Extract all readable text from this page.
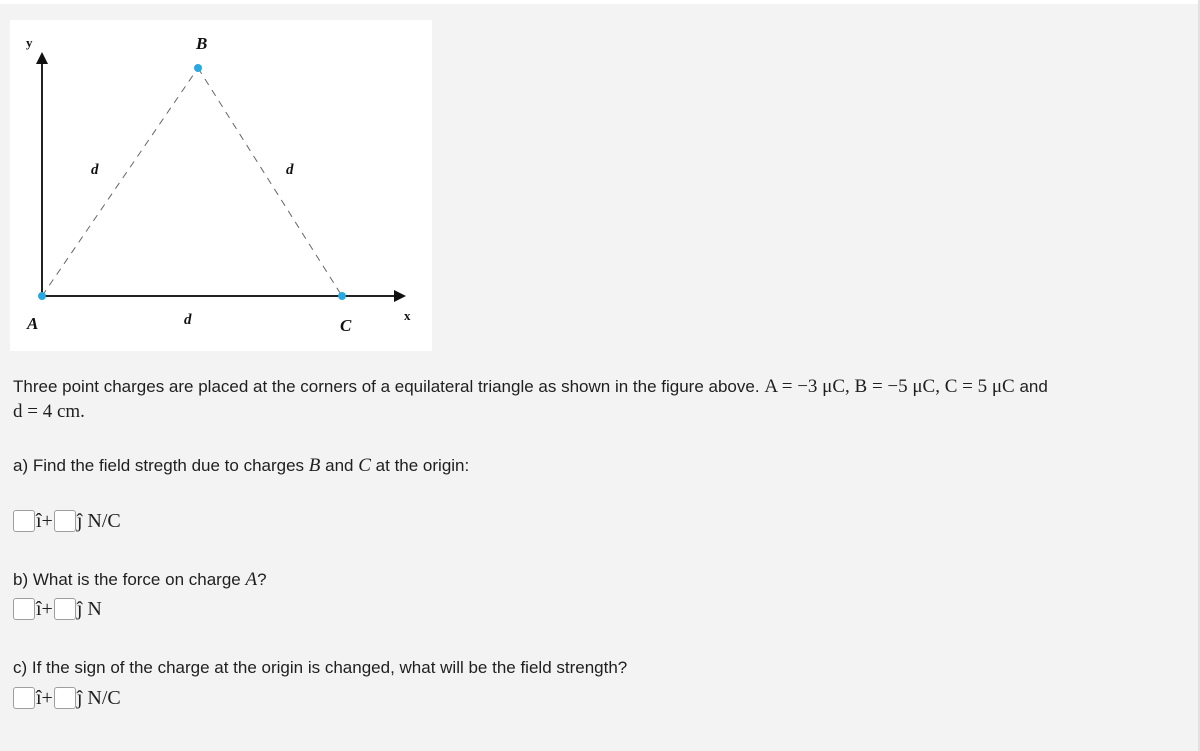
y
x
B
A	C
d	d
d
Three point charges are placed at the corners of a equilateral triangle as shown in the figure above. A = −3 μC, B = −5 μC, C = 5 μC and
d = 4 cm.
a) Find the field stregth due to charges B and C at the origin:
î+ ĵ N/C
b) What is the force on charge A?
î+ ĵ N
c) If the sign of the charge at the origin is changed, what will be the field strength?
î+ ĵ N/C
